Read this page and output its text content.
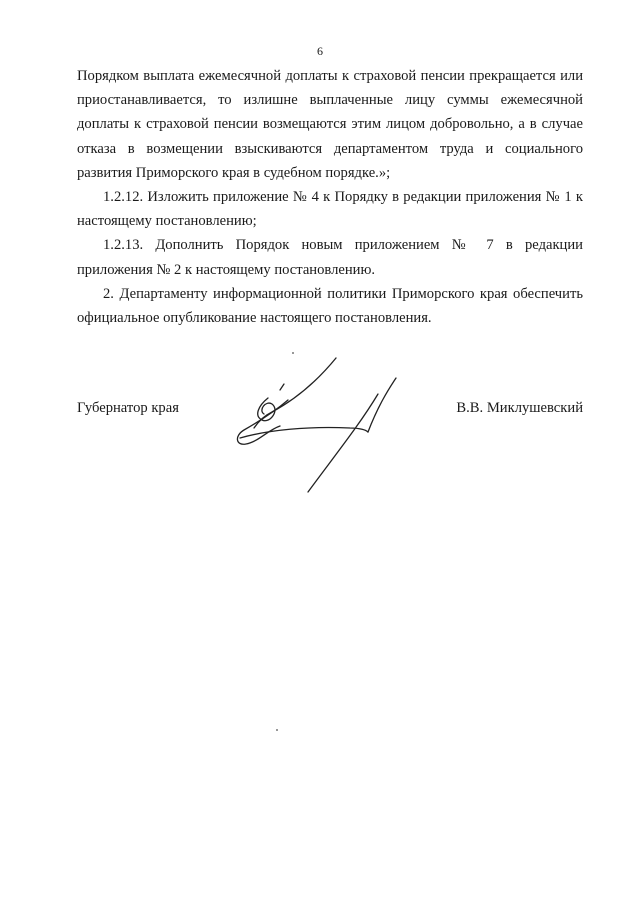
6

Порядком выплата ежемесячной доплаты к страховой пенсии прекращается или приостанавливается, то излишне выплаченные лицу суммы ежемесячной доплаты к страховой пенсии возмещаются этим лицом добровольно, а в случае отказа в возмещении взыскиваются департаментом труда и социального развития Приморского края в судебном порядке.»;

1.2.12. Изложить приложение № 4 к Порядку в редакции приложения № 1 к настоящему постановлению;

1.2.13. Дополнить Порядок новым приложением № 7 в редакции приложения № 2 к настоящему постановлению.

2. Департаменту информационной политики Приморского края обеспечить официальное опубликование настоящего постановления.

Губернатор края	В.В. Миклушевский
